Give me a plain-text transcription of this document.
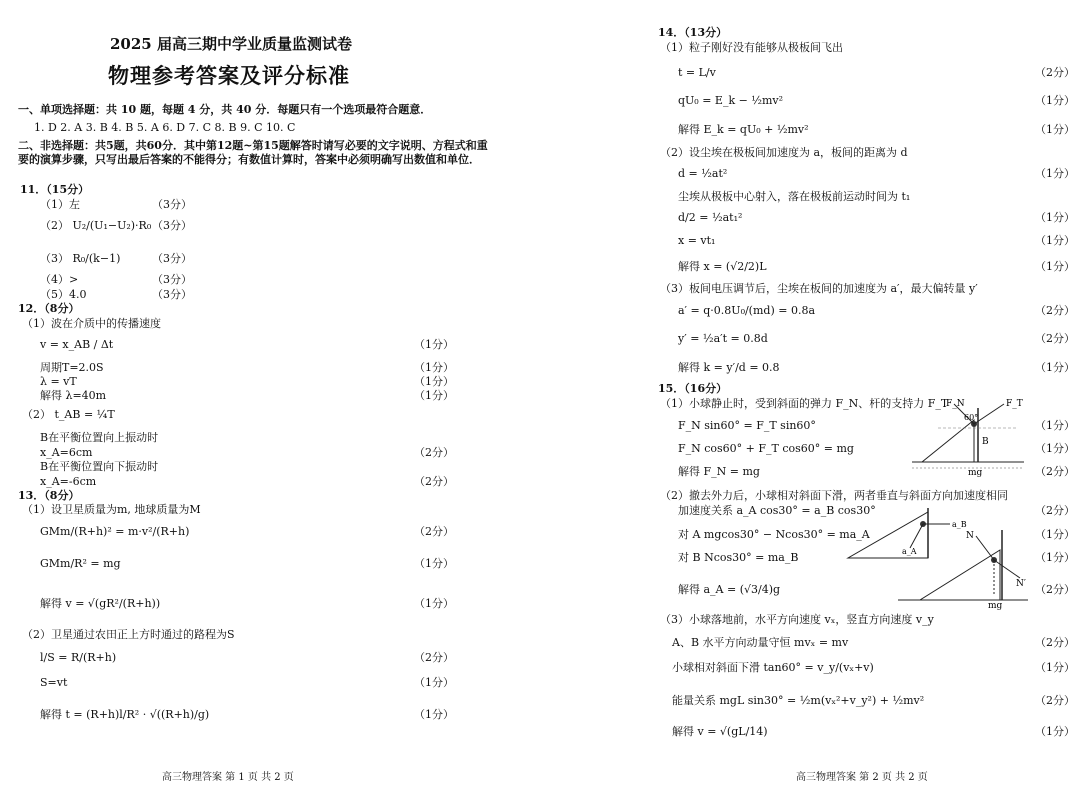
2025 届高三期中学业质量监测试卷
物理参考答案及评分标准
一、单项选择题：共 10 题，每题 4 分，共 40 分．每题只有一个选项最符合题意．
1. D 2. A 3. B 4. B 5. A 6. D 7. C 8. B 9. C 10. C
二、非选择题：共5题，共60分．其中第12题~第15题解答时请写必要的文字说明、方程式和重要的演算步骤，只写出最后答案的不能得分；有数值计算时，答案中必须明确写出数值和单位．
11．（15分）
（1）左	（3分）
（2） U₂/(U₁−U₂)·R₀ （3分）
（3） R₀/(k−1)	（3分）
（4）>	（3分）
（5）4.0	（3分）
12．（8分）
（1）波在介质中的传播速度
v = x_AB / Δt	（1分）
周期T=2.0S	（1分）
λ = vT	（1分）
解得 λ=40m	（1分）
（2） t_AB = ¼T
B在平衡位置向上振动时
x_A=6cm	（2分）
B在平衡位置向下振动时
x_A=-6cm	（2分）
13．（8分）
（1）设卫星质量为m, 地球质量为M
GMm/(R+h)² = m·v²/(R+h)	（2分）
GMm/R² = mg	（1分）
解得 v = √(gR²/(R+h))	（1分）
（2）卫星通过农田正上方时通过的路程为S
l/S = R/(R+h)	（2分）
S=vt	（1分）
解得 t = (R+h)l/R² · √((R+h)/g)	（1分）
高三物理答案 第 1 页 共 2 页
14．（13分）
（1）粒子刚好没有能够从极板间飞出
t = L/v	（2分）
qU₀ = E_k − ½mv²	（1分）
解得 E_k = qU₀ + ½mv²	（1分）
（2）设尘埃在极板间加速度为 a，板间的距离为 d
d = ½at²	（1分）
尘埃从极板中心射入，落在极板前运动时间为 t₁
d/2 = ½at₁²	（1分）
x = vt₁	（1分）
解得 x = (√2/2)L	（1分）
（3）板间电压调节后，尘埃在板间的加速度为 a′，最大偏转量 y′
a′ = q·0.8U₀/(md) = 0.8a	（2分）
y′ = ½a′t = 0.8d	（2分）
解得 k = y′/d = 0.8	（1分）
15．（16分）
（1）小球静止时，受到斜面的弹力 F_N、杆的支持力 F_T
F_N sin60° = F_T sin60°	（1分）
F_N cos60° + F_T cos60° = mg	（1分）
解得 F_N = mg	（2分）
（2）撤去外力后，小球相对斜面下滑，两者垂直与斜面方向加速度相同
加速度关系 a_A cos30° = a_B cos30°	（2分）
对 A mgcos30° − Ncos30° = ma_A	（1分）
对 B Ncos30° = ma_B	（1分）
解得 a_A = (√3/4)g	（2分）
（3）小球落地前，水平方向速度 vₓ，竖直方向速度 v_y
A、B 水平方向动量守恒 mvₓ = mv	（2分）
小球相对斜面下滑 tan60° = v_y/(vₓ+v)	（1分）
能量关系 mgL sin30° = ½m(vₓ²+v_y²) + ½mv²	（2分）
解得 v = √(gL/14)	（1分）
F_N	F_T
60°
B
mg
a_B
a_A
N
N′
mg
高三物理答案 第 2 页 共 2 页
